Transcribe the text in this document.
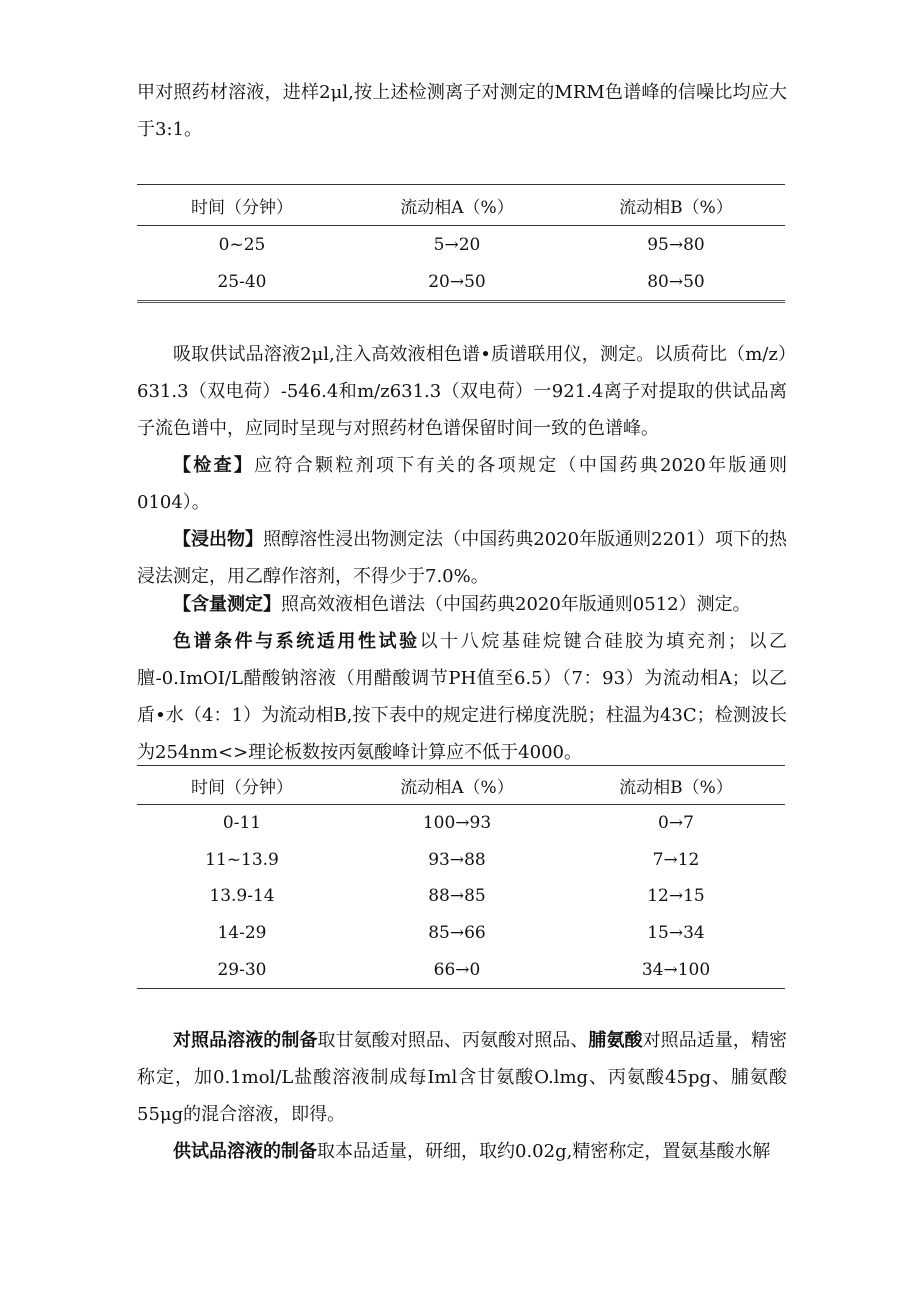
甲对照药材溶液，进样2μl,按上述检测离子对测定的MRM色谱峰的信噪比均应大于3:1。

时间（分钟）	流动相A（%）	流动相B（%）
0~25	5→20	95→80
25-40	20→50	80→50

吸取供试品溶液2μl,注入高效液相色谱•质谱联用仪，测定。以质荷比（m/z）631.3（双电荷）-546.4和m/z631.3（双电荷）一921.4离子对提取的供试品离子流色谱中，应同时呈现与对照药材色谱保留时间一致的色谱峰。

【检查】应符合颗粒剂项下有关的各项规定（中国药典2020年版通则0104）。

【浸出物】照醇溶性浸出物测定法（中国药典2020年版通则2201）项下的热浸法测定，用乙醇作溶剂，不得少于7.0%。

【含量测定】照高效液相色谱法（中国药典2020年版通则0512）测定。

色谱条件与系统适用性试验以十八烷基硅烷键合硅胶为填充剂；以乙膻-0.ImOI/L醋酸钠溶液（用醋酸调节PH值至6.5）（7：93）为流动相A；以乙盾•水（4：1）为流动相B,按下表中的规定进行梯度洗脱；柱温为43C；检测波长为254nm<>理论板数按丙氨酸峰计算应不低于4000。

时间（分钟）	流动相A（%）	流动相B（%）
0-11	100→93	0→7
11~13.9	93→88	7→12
13.9-14	88→85	12→15
14-29	85→66	15→34
29-30	66→0	34→100

对照品溶液的制备取甘氨酸对照品、丙氨酸对照品、脯氨酸对照品适量，精密称定，加0.1mol/L盐酸溶液制成每Iml含甘氨酸O.lmg、丙氨酸45pg、脯氨酸55μg的混合溶液，即得。

供试品溶液的制备取本品适量，研细，取约0.02g,精密称定，置氨基酸水解
